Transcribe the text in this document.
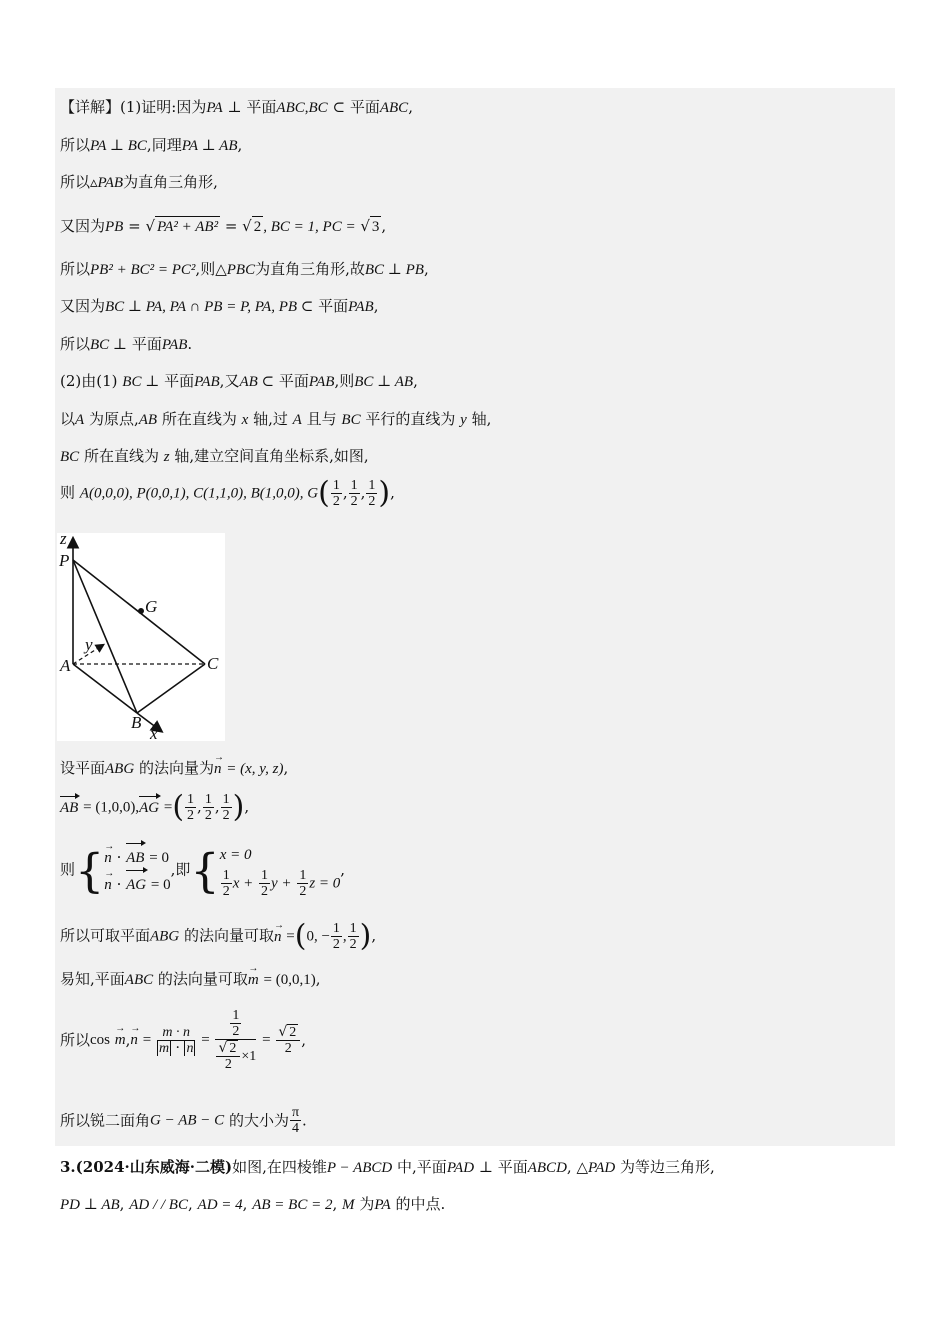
【详解】(1)证明:因为PA ⊥ 平面ABC,BC ⊂ 平面ABC,
所以PA ⊥ BC,同理PA ⊥ AB,
所以▵PAB为直角三角形,
又因为PB = √ PA² + AB² = √ 2 , BC = 1, PC = √ 3 ,
所以PB² + BC² = PC²,则△PBC为直角三角形,故BC ⊥ PB,
又因为BC ⊥ PA, PA ∩ PB = P, PA, PB ⊂ 平面PAB,
所以BC ⊥ 平面PAB.
(2)由(1) BC ⊥ 平面PAB,又AB ⊂ 平面PAB,则BC ⊥ AB,
以A 为原点,AB 所在直线为 x 轴,过 A 且与 BC 平行的直线为 y 轴,
BC 所在直线为 z 轴,建立空间直角坐标系,如图,
则 A(0,0,0), P(0,0,1), C(1,1,0), B(1,0,0), $G( \frac{1}{2}$ , $\frac{1}{2}$ , $\frac{1}{2}$ ),
z
P
G
y
A	C
B
x
设平面ABG 的法向量为→ n = (x, y, z),
AB = (1,0,0),AG =( $\frac{1}{2}$ , $\frac{1}{2}$ , $\frac{1}{2}$ ),
则{ → n · AB = 0
→ n · AG = 0
,即{ x = 0
$\frac{1}{2}$ $x + \frac{1}{2}$ $y + \frac{1}{2}$ z = 0
,
所以可取平面ABG 的法向量可取→ n =(0, − $\frac{1}{2}$ , $\frac{1}{2}$ ),
易知,平面ABC 的法向量可取→ m = (0,0,1),
所以$\cos \to m,\to n = \frac{m \cdot n}{m \cdot n} = \frac{\frac{1}{2}}{\frac{√ 2}{2} \times 1} = \frac{√ 2}{2}$ ,
所以锐二面角G − AB − C 的大小为 $\frac{\pi}{4}$ .
3.(2024·山东威海·二模)如图,在四棱锥P − ABCD 中,平面PAD ⊥ 平面ABCD, △PAD 为等边三角形,
PD ⊥ AB, AD / / BC, AD = 4, AB = BC = 2, M 为PA 的中点.
